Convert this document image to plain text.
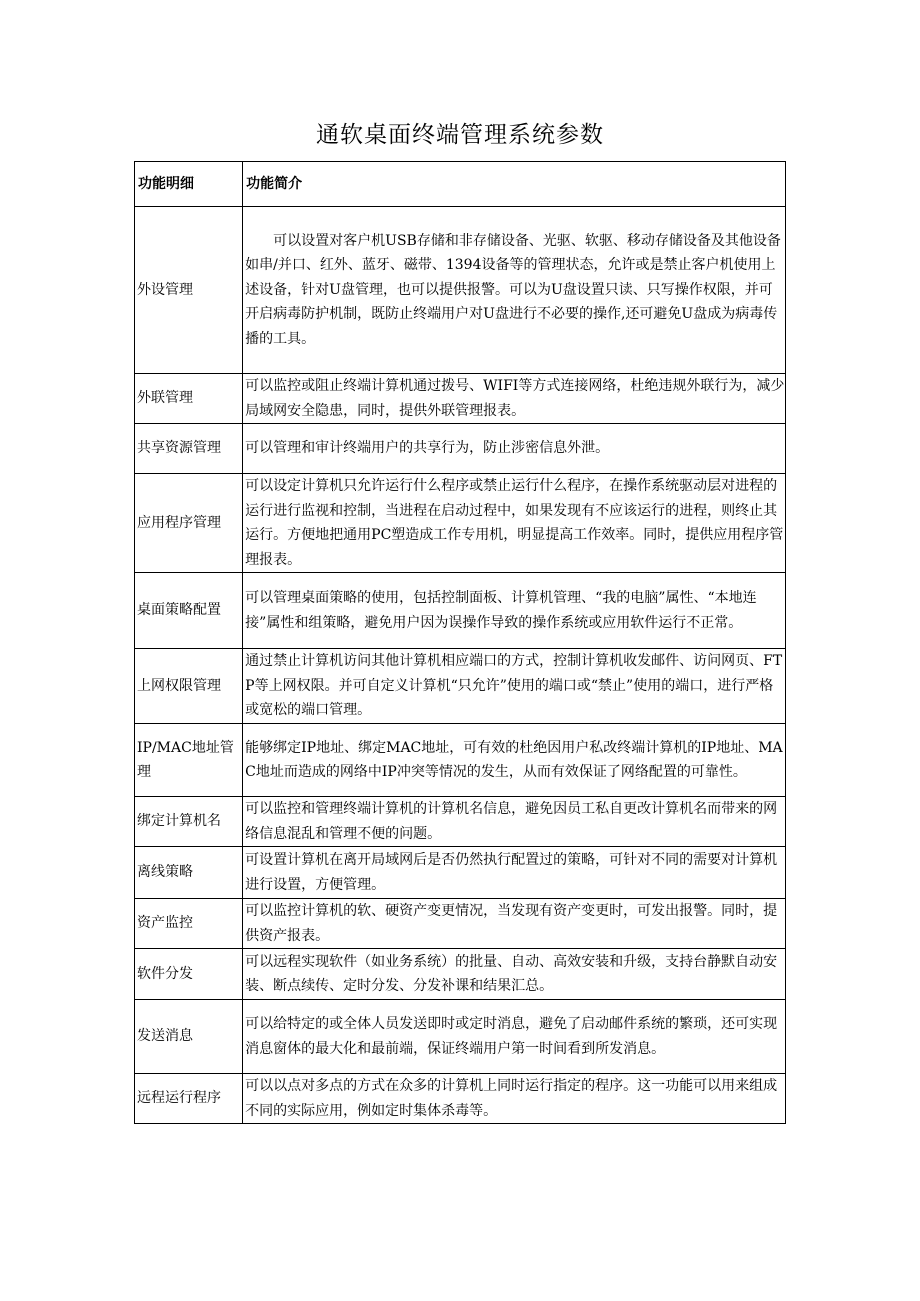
通软桌面终端管理系统参数
功能明细	功能简介
外设管理	可以设置对客户机USB存储和非存储设备、光驱、软驱、移动存储设备及其他设备如串/并口、红外、蓝牙、磁带、1394设备等的管理状态，允许或是禁止客户机使用上述设备，针对U盘管理，也可以提供报警。可以为U盘设置只读、只写操作权限，并可开启病毒防护机制，既防止终端用户对U盘进行不必要的操作,还可避免U盘成为病毒传播的工具。
外联管理	可以监控或阻止终端计算机通过拨号、WIFI等方式连接网络，杜绝违规外联行为，减少局域网安全隐患，同时，提供外联管理报表。
共享资源管理	可以管理和审计终端用户的共享行为，防止涉密信息外泄。
应用程序管理	可以设定计算机只允许运行什么程序或禁止运行什么程序，在操作系统驱动层对进程的运行进行监视和控制，当进程在启动过程中，如果发现有不应该运行的进程，则终止其运行。方便地把通用PC塑造成工作专用机，明显提高工作效率。同时，提供应用程序管理报表。
桌面策略配置	可以管理桌面策略的使用，包括控制面板、计算机管理、“我的电脑”属性、“本地连接”属性和组策略，避免用户因为误操作导致的操作系统或应用软件运行不正常。
上网权限管理	通过禁止计算机访问其他计算机相应端口的方式，控制计算机收发邮件、访问网页、FTP等上网权限。并可自定义计算机“只允许”使用的端口或“禁止”使用的端口，进行严格或宽松的端口管理。
IP/MAC地址管理	能够绑定IP地址、绑定MAC地址，可有效的杜绝因用户私改终端计算机的IP地址、MAC地址而造成的网络中IP冲突等情况的发生，从而有效保证了网络配置的可靠性。
绑定计算机名	可以监控和管理终端计算机的计算机名信息，避免因员工私自更改计算机名而带来的网络信息混乱和管理不便的问题。
离线策略	可设置计算机在离开局域网后是否仍然执行配置过的策略，可针对不同的需要对计算机进行设置，方便管理。
资产监控	可以监控计算机的软、硬资产变更情况，当发现有资产变更时，可发出报警。同时，提供资产报表。
软件分发	可以远程实现软件（如业务系统）的批量、自动、高效安装和升级，支持台静默自动安装、断点续传、定时分发、分发补课和结果汇总。
发送消息	可以给特定的或全体人员发送即时或定时消息，避免了启动邮件系统的繁琐，还可实现消息窗体的最大化和最前端，保证终端用户第一时间看到所发消息。
远程运行程序	可以以点对多点的方式在众多的计算机上同时运行指定的程序。这一功能可以用来组成不同的实际应用，例如定时集体杀毒等。
